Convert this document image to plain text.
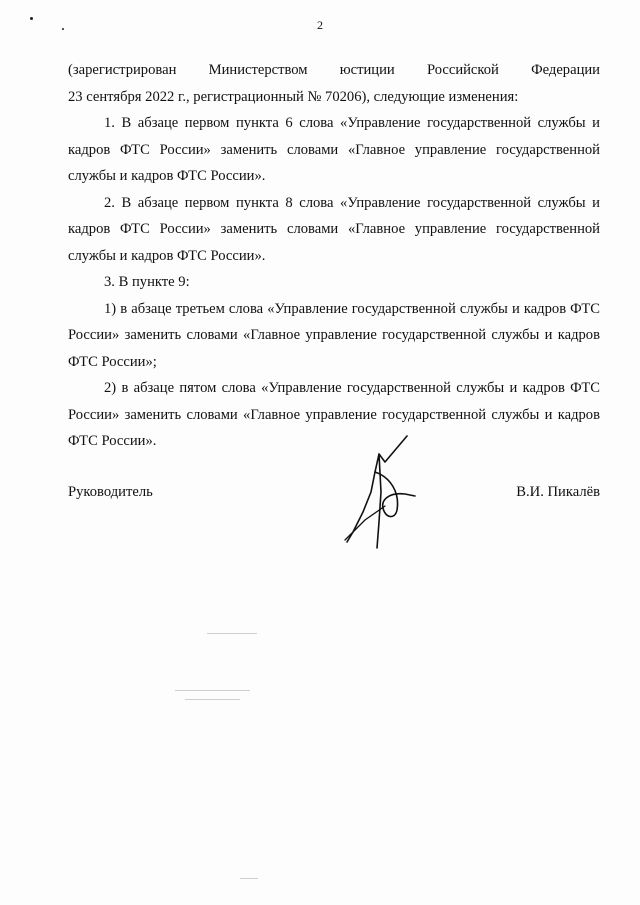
2

(зарегистрирован Министерством юстиции Российской Федерации
23 сентября 2022 г., регистрационный № 70206), следующие изменения:

1. В абзаце первом пункта 6 слова «Управление государственной службы и кадров ФТС России» заменить словами «Главное управление государственной службы и кадров ФТС России».

2. В абзаце первом пункта 8 слова «Управление государственной службы и кадров ФТС России» заменить словами «Главное управление государственной службы и кадров ФТС России».

3. В пункте 9:

1) в абзаце третьем слова «Управление государственной службы и кадров ФТС России» заменить словами «Главное управление государственной службы и кадров ФТС России»;

2) в абзаце пятом слова «Управление государственной службы и кадров ФТС России» заменить словами «Главное управление государственной службы и кадров ФТС России».

Руководитель	В.И. Пикалёв
